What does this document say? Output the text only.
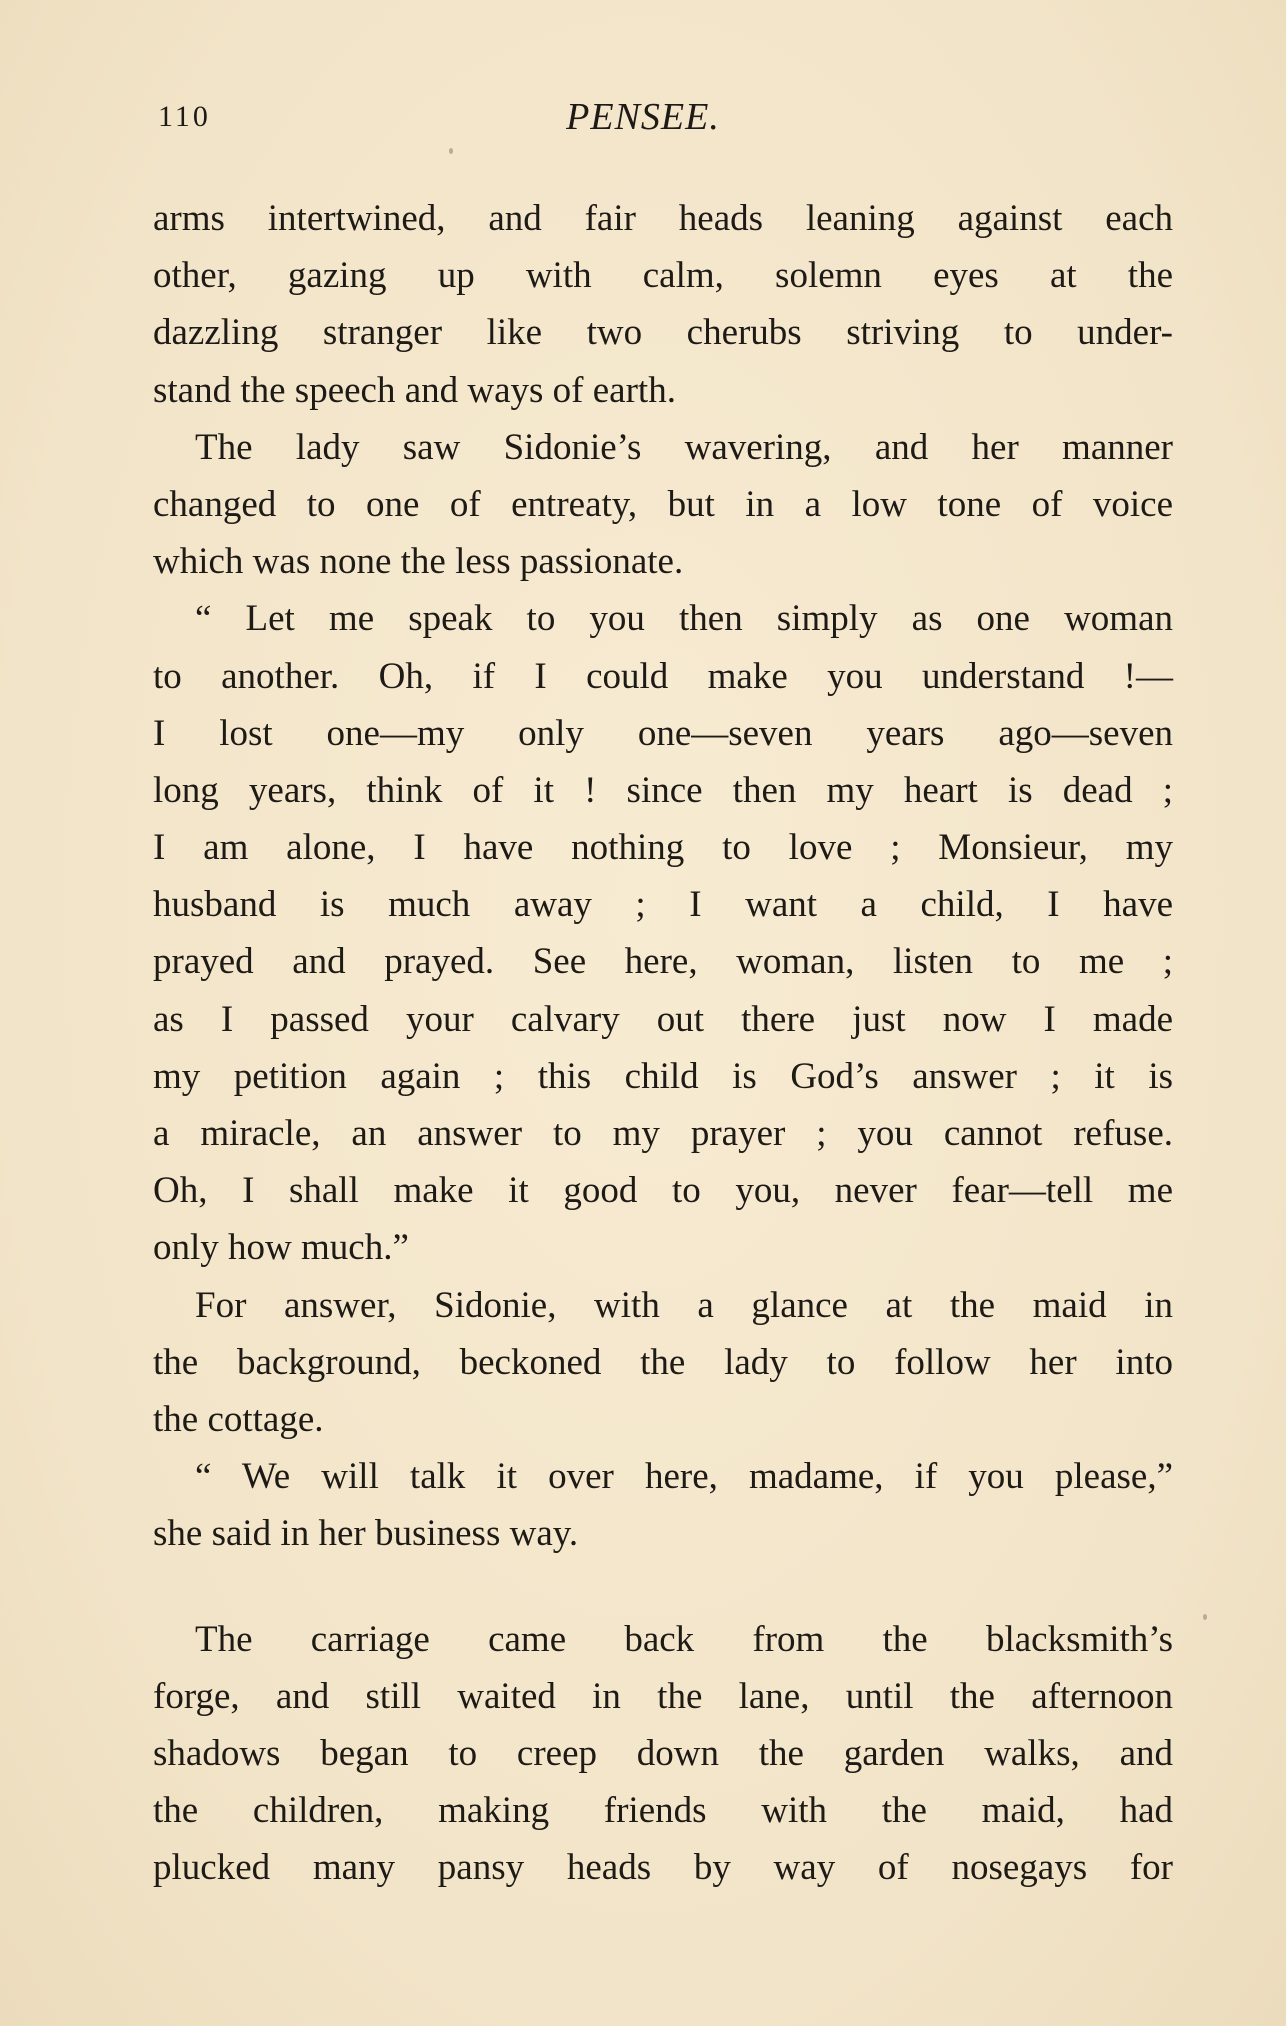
110	PENSEE.
arms intertwined, and fair heads leaning against each
other, gazing up with calm, solemn eyes at the
dazzling stranger like two cherubs striving to under-
stand the speech and ways of earth.
The lady saw Sidonie’s wavering, and her manner
changed to one of entreaty, but in a low tone of voice
which was none the less passionate.
“ Let me speak to you then simply as one woman
to another. Oh, if I could make you understand !—
I lost one—my only one—seven years ago—seven
long years, think of it ! since then my heart is dead ;
I am alone, I have nothing to love ; Monsieur, my
husband is much away ; I want a child, I have
prayed and prayed. See here, woman, listen to me ;
as I passed your calvary out there just now I made
my petition again ; this child is God’s answer ; it is
a miracle, an answer to my prayer ; you cannot refuse.
Oh, I shall make it good to you, never fear—tell me
only how much.”
For answer, Sidonie, with a glance at the maid in
the background, beckoned the lady to follow her into
the cottage.
“ We will talk it over here, madame, if you please,”
she said in her business way.
The carriage came back from the blacksmith’s
forge, and still waited in the lane, until the afternoon
shadows began to creep down the garden walks, and
the children, making friends with the maid, had
plucked many pansy heads by way of nosegays for
